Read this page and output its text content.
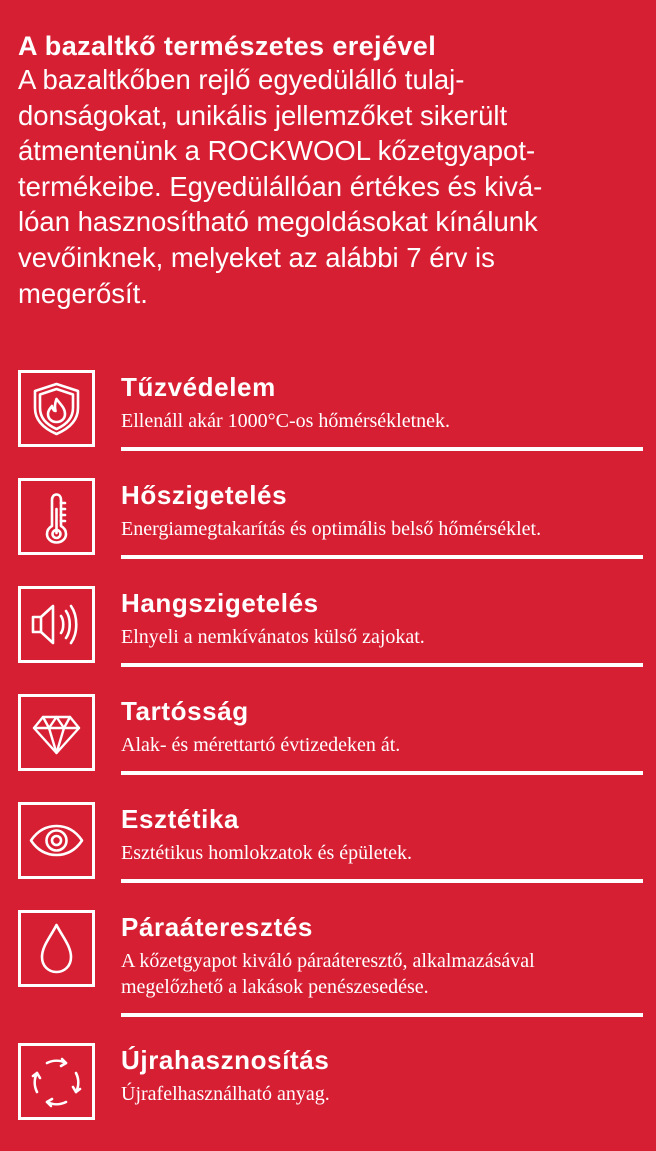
A bazaltkő természetes erejével

A bazaltkőben rejlő egyedülálló tulaj-
donságokat, unikális jellemzőket sikerült
átmentenünk a ROCKWOOL kőzetgyapot-
termékeibe. Egyedülállóan értékes és kivá-
lóan hasznosítható megoldásokat kínálunk
vevőinknek, melyeket az alábbi 7 érv is
megerősít.

Tűzvédelem
Ellenáll akár 1000°C-os hőmérsékletnek.
Hőszigetelés
Energiamegtakarítás és optimális belső hőmérséklet.
Hangszigetelés
Elnyeli a nemkívánatos külső zajokat.
Tartósság
Alak- és mérettartó évtizedeken át.
Esztétika
Esztétikus homlokzatok és épületek.
Páraáteresztés
A kőzetgyapot kiváló páraáteresztő, alkalmazásával
megelőzhető a lakások penészesedése.
Újrahasznosítás
Újrafelhasználható anyag.
